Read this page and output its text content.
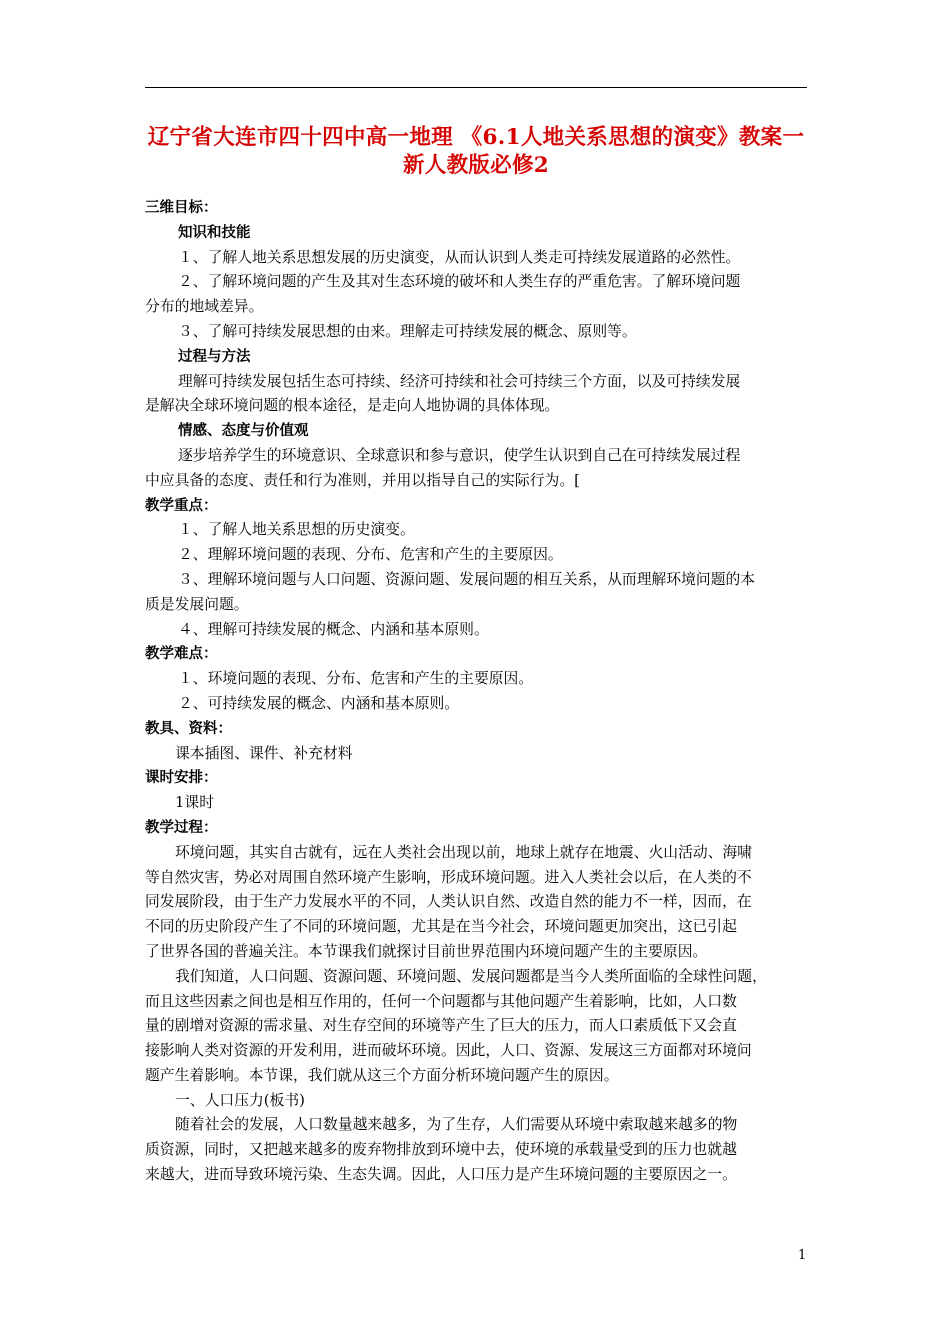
辽宁省大连市四十四中高一地理 《6.1人地关系思想的演变》教案一
新人教版必修2
三维目标：
知识和技能
１、了解人地关系思想发展的历史演变，从而认识到人类走可持续发展道路的必然性。
２、了解环境问题的产生及其对生态环境的破坏和人类生存的严重危害。了解环境问题
分布的地域差异。
３、了解可持续发展思想的由来。理解走可持续发展的概念、原则等。
过程与方法
理解可持续发展包括生态可持续、经济可持续和社会可持续三个方面，以及可持续发展
是解决全球环境问题的根本途径，是走向人地协调的具体体现。
情感、态度与价值观
逐步培养学生的环境意识、全球意识和参与意识，使学生认识到自己在可持续发展过程
中应具备的态度、责任和行为准则，并用以指导自己的实际行为。[
教学重点：
１、了解人地关系思想的历史演变。
２、理解环境问题的表现、分布、危害和产生的主要原因。
３、理解环境问题与人口问题、资源问题、发展问题的相互关系，从而理解环境问题的本
质是发展问题。
４、理解可持续发展的概念、内涵和基本原则。
教学难点：
１、环境问题的表现、分布、危害和产生的主要原因。
２、可持续发展的概念、内涵和基本原则。
教具、资料：
课本插图、课件、补充材料
课时安排：
1课时
教学过程：
环境问题，其实自古就有，远在人类社会出现以前，地球上就存在地震、火山活动、海啸
等自然灾害，势必对周围自然环境产生影响，形成环境问题。进入人类社会以后，在人类的不
同发展阶段，由于生产力发展水平的不同，人类认识自然、改造自然的能力不一样，因而，在
不同的历史阶段产生了不同的环境问题，尤其是在当今社会，环境问题更加突出，这已引起
了世界各国的普遍关注。本节课我们就探讨目前世界范围内环境问题产生的主要原因。
我们知道，人口问题、资源问题、环境问题、发展问题都是当今人类所面临的全球性问题，
而且这些因素之间也是相互作用的，任何一个问题都与其他问题产生着影响，比如，人口数
量的剧增对资源的需求量、对生存空间的环境等产生了巨大的压力，而人口素质低下又会直
接影响人类对资源的开发利用，进而破坏环境。因此，人口、资源、发展这三方面都对环境问
题产生着影响。本节课，我们就从这三个方面分析环境问题产生的原因。
一、人口压力(板书)
随着社会的发展，人口数量越来越多，为了生存，人们需要从环境中索取越来越多的物
质资源，同时，又把越来越多的废弃物排放到环境中去，使环境的承载量受到的压力也就越
来越大，进而导致环境污染、生态失调。因此，人口压力是产生环境问题的主要原因之一。
1
